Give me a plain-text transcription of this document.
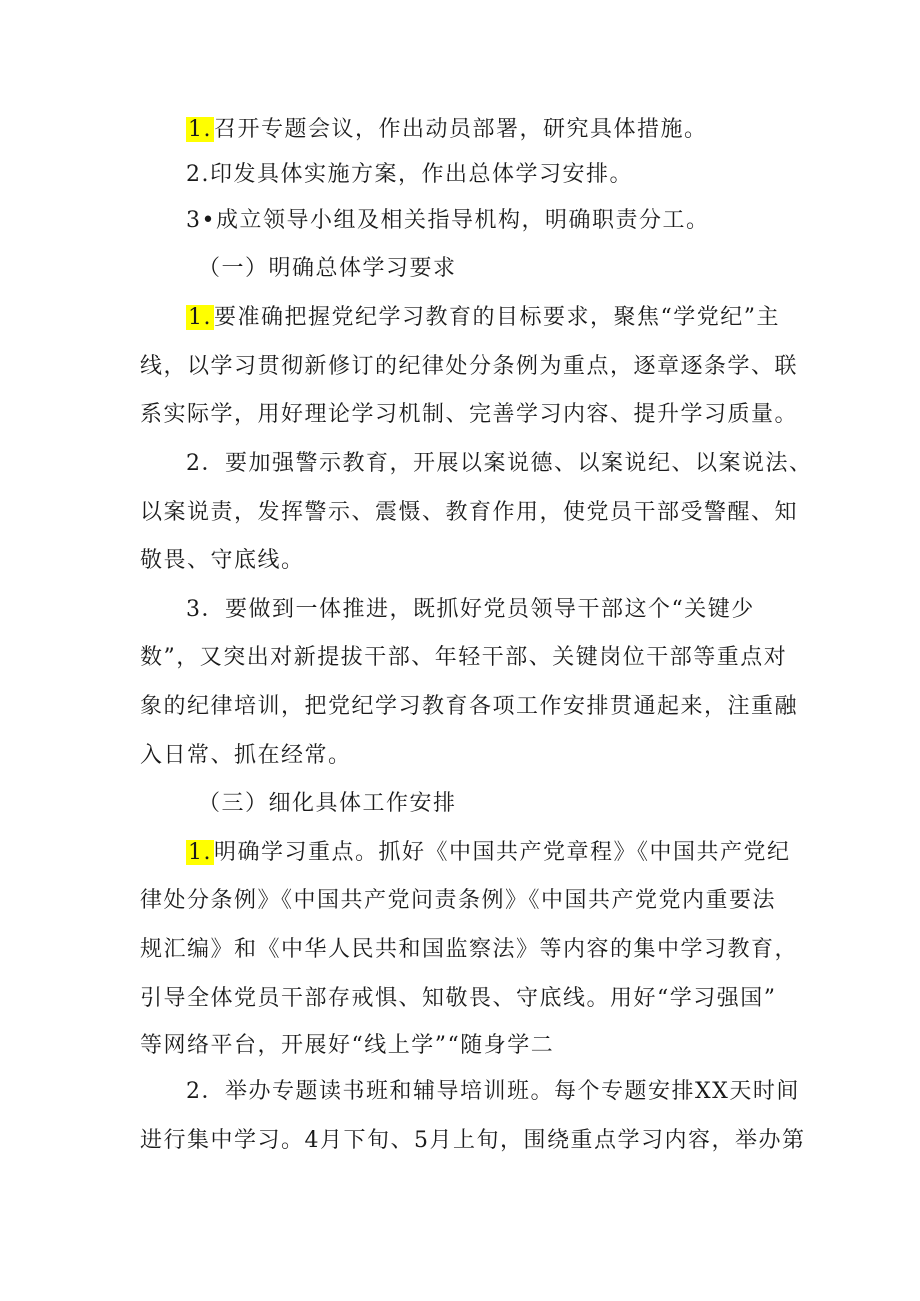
1.召开专题会议，作出动员部署，研究具体措施。
2.印发具体实施方案，作出总体学习安排。
3•成立领导小组及相关指导机构，明确职责分工。
（一）明确总体学习要求
1.要准确把握党纪学习教育的目标要求，聚焦“学党纪”主
线，以学习贯彻新修订的纪律处分条例为重点，逐章逐条学、联
系实际学，用好理论学习机制、完善学习内容、提升学习质量。
2．要加强警示教育，开展以案说德、以案说纪、以案说法、
以案说责，发挥警示、震慑、教育作用，使党员干部受警醒、知
敬畏、守底线。
3．要做到一体推进，既抓好党员领导干部这个“关键少
数”，又突出对新提拔干部、年轻干部、关键岗位干部等重点对
象的纪律培训，把党纪学习教育各项工作安排贯通起来，注重融
入日常、抓在经常。
（三）细化具体工作安排
1.明确学习重点。抓好《中国共产党章程》《中国共产党纪
律处分条例》《中国共产党问责条例》《中国共产党党内重要法
规汇编》和《中华人民共和国监察法》等内容的集中学习教育，
引导全体党员干部存戒惧、知敬畏、守底线。用好“学习强国”
等网络平台，开展好“线上学”“随身学二
2．举办专题读书班和辅导培训班。每个专题安排XX天时间
进行集中学习。4月下旬、5月上旬，围绕重点学习内容，举办第
